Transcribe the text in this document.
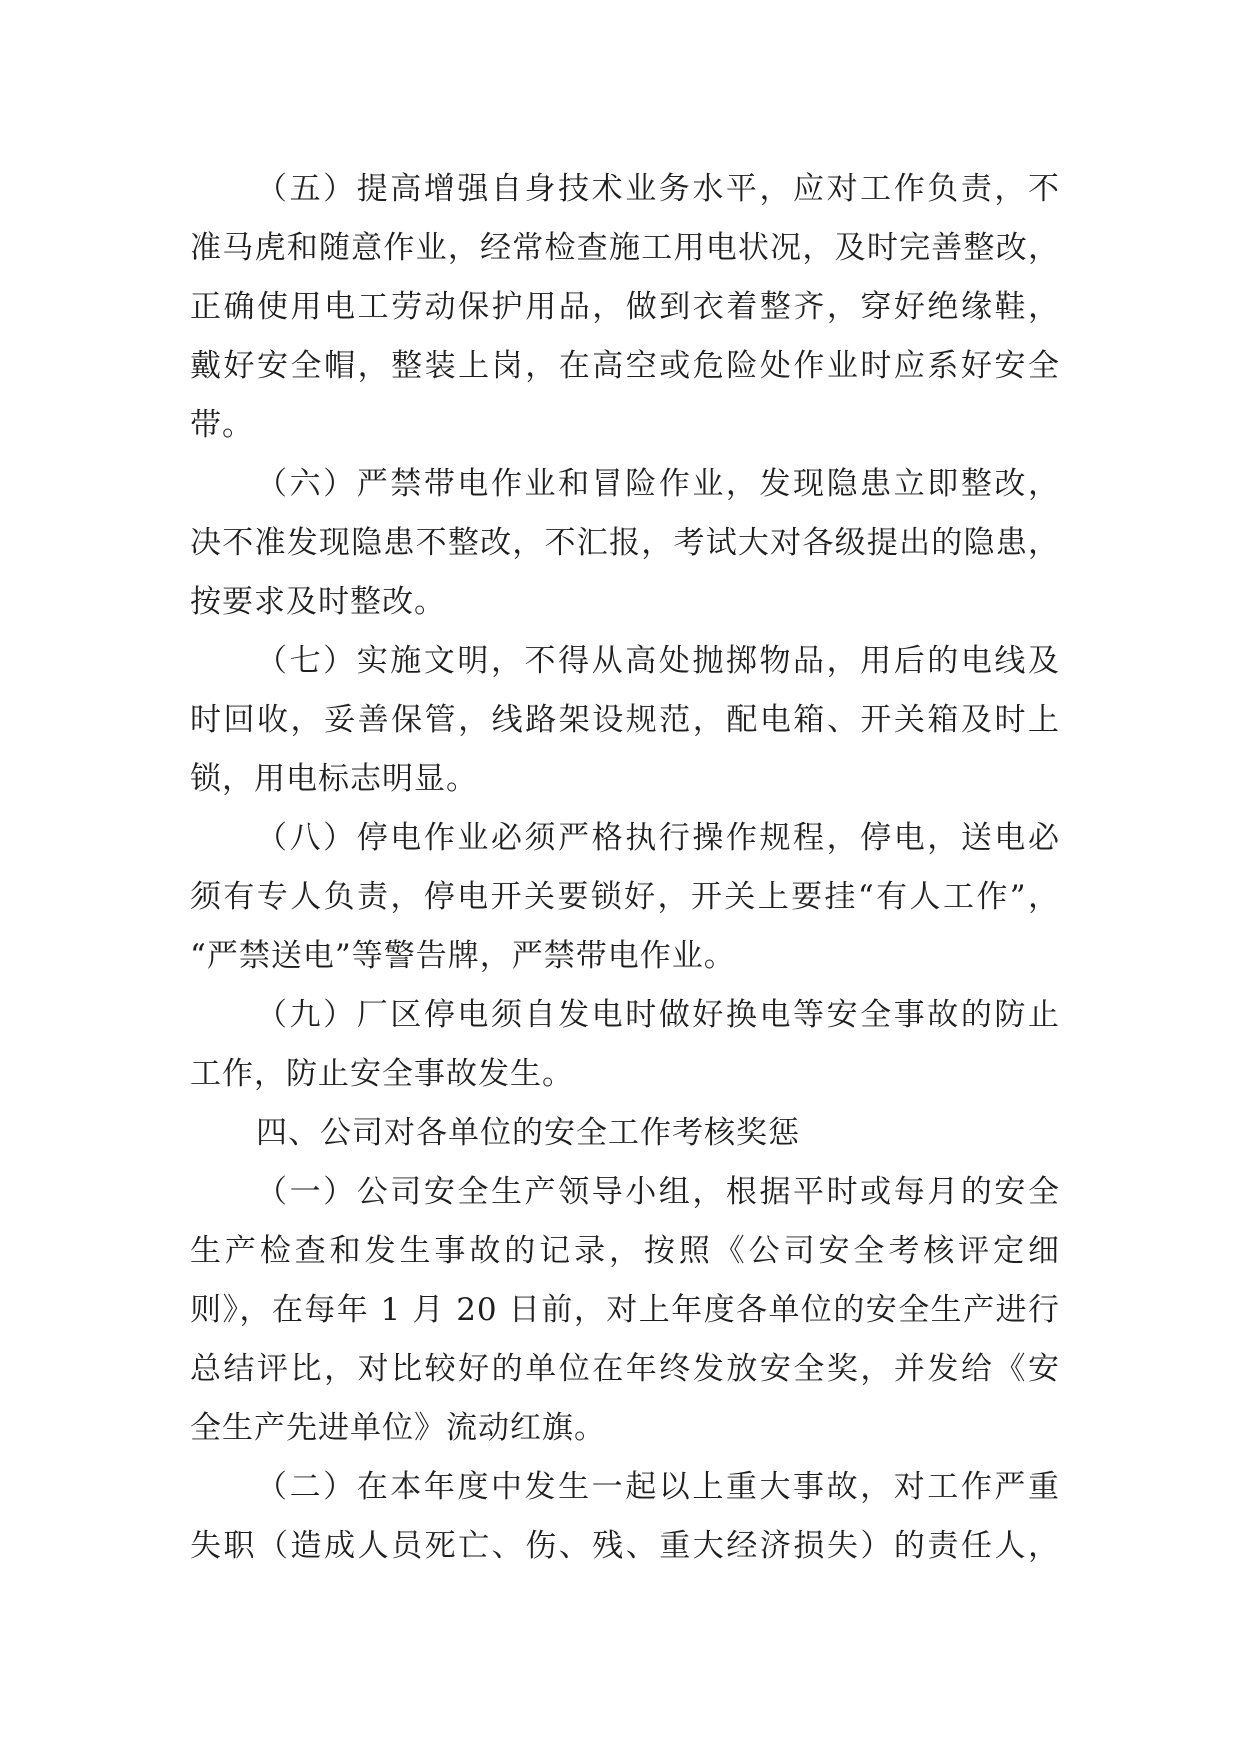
（五）提高增强自身技术业务水平，应对工作负责，不
准马虎和随意作业，经常检查施工用电状况，及时完善整改，
正确使用电工劳动保护用品，做到衣着整齐，穿好绝缘鞋，
戴好安全帽，整装上岗，在高空或危险处作业时应系好安全
带。
（六）严禁带电作业和冒险作业，发现隐患立即整改，
决不准发现隐患不整改，不汇报，考试大对各级提出的隐患，
按要求及时整改。
（七）实施文明，不得从高处抛掷物品，用后的电线及
时回收，妥善保管，线路架设规范，配电箱、开关箱及时上
锁，用电标志明显。
（八）停电作业必须严格执行操作规程，停电，送电必
须有专人负责，停电开关要锁好，开关上要挂“有人工作”，
“严禁送电”等警告牌，严禁带电作业。
（九）厂区停电须自发电时做好换电等安全事故的防止
工作，防止安全事故发生。
四、公司对各单位的安全工作考核奖惩
（一）公司安全生产领导小组，根据平时或每月的安全
生产检查和发生事故的记录，按照《公司安全考核评定细
则》，在每年 1 月 20 日前，对上年度各单位的安全生产进行
总结评比，对比较好的单位在年终发放安全奖，并发给《安
全生产先进单位》流动红旗。
（二）在本年度中发生一起以上重大事故，对工作严重
失职（造成人员死亡、伤、残、重大经济损失）的责任人，
